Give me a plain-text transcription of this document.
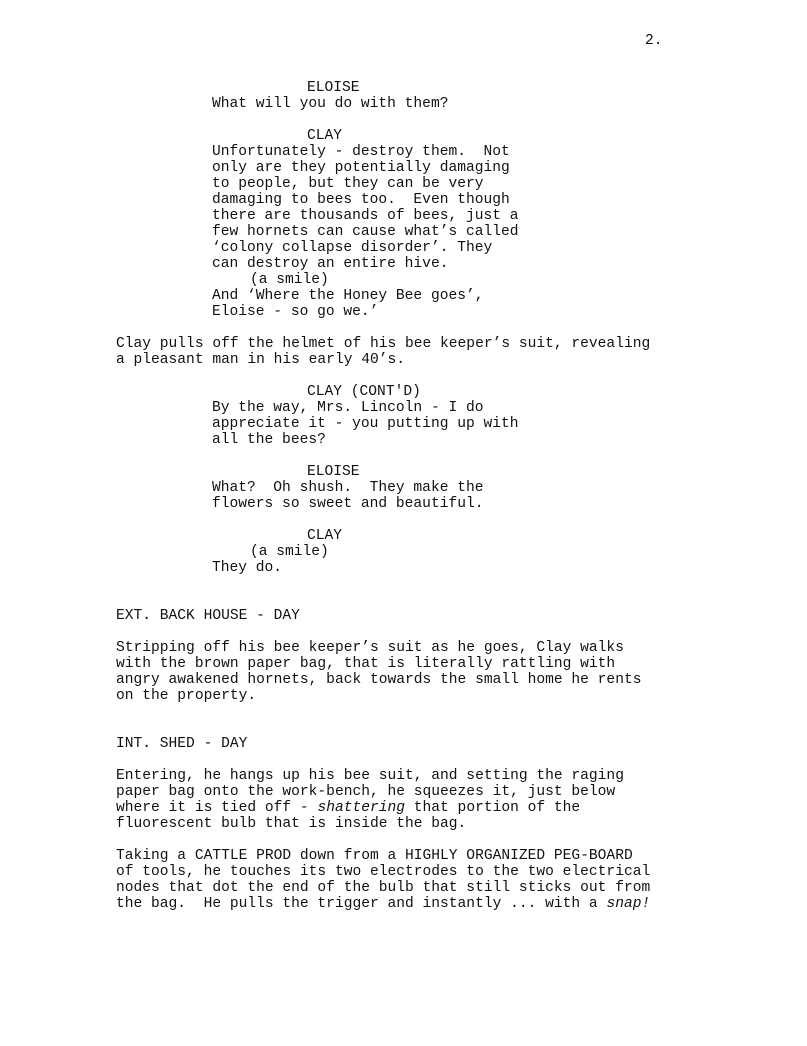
2.
ELOISE
What will you do with them?
CLAY
Unfortunately - destroy them.  Not
only are they potentially damaging
to people, but they can be very
damaging to bees too.  Even though
there are thousands of bees, just a
few hornets can cause what’s called
‘colony collapse disorder’. They
can destroy an entire hive.
(a smile)
And ‘Where the Honey Bee goes’,
Eloise - so go we.’
Clay pulls off the helmet of his bee keeper’s suit, revealing
a pleasant man in his early 40’s.
CLAY (CONT'D)
By the way, Mrs. Lincoln - I do
appreciate it - you putting up with
all the bees?
ELOISE
What?  Oh shush.  They make the
flowers so sweet and beautiful.
CLAY
(a smile)
They do.
EXT. BACK HOUSE - DAY
Stripping off his bee keeper’s suit as he goes, Clay walks
with the brown paper bag, that is literally rattling with
angry awakened hornets, back towards the small home he rents
on the property.
INT. SHED - DAY
Entering, he hangs up his bee suit, and setting the raging
paper bag onto the work-bench, he squeezes it, just below
where it is tied off - shattering that portion of the
fluorescent bulb that is inside the bag.
Taking a CATTLE PROD down from a HIGHLY ORGANIZED PEG-BOARD
of tools, he touches its two electrodes to the two electrical
nodes that dot the end of the bulb that still sticks out from
the bag.  He pulls the trigger and instantly ... with a snap!
